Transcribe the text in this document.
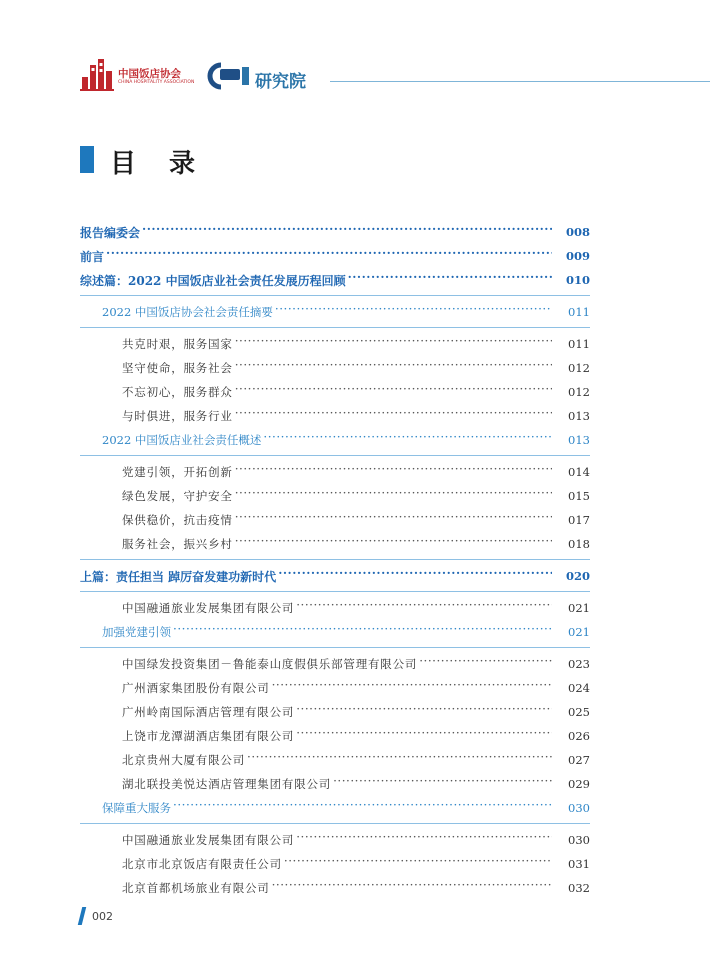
中国饭店协会
CHINA HOSPITALITY ASSOCIATION	研究院
目 录
报告编委会 ·····	008
前言 ·····	009
综述篇：2022 中国饭店业社会责任发展历程回顾 ·····	010
2022 中国饭店协会社会责任摘要 ·····	011
共克时艰，服务国家 ·····	011
坚守使命，服务社会 ·····	012
不忘初心，服务群众 ·····	012
与时俱进，服务行业 ·····	013
2022 中国饭店业社会责任概述 ·····	013
党建引领，开拓创新 ·····	014
绿色发展，守护安全 ·····	015
保供稳价，抗击疫情 ·····	017
服务社会，振兴乡村 ·····	018
上篇：责任担当 踔厉奋发建功新时代 ·····	020
中国融通旅业发展集团有限公司 ·····	021
加强党建引领 ·····	021
中国绿发投资集团－鲁能泰山度假俱乐部管理有限公司 ·····	023
广州酒家集团股份有限公司 ·····	024
广州岭南国际酒店管理有限公司 ·····	025
上饶市龙潭湖酒店集团有限公司 ·····	026
北京贵州大厦有限公司 ·····	027
湖北联投美悦达酒店管理集团有限公司 ·····	029
保障重大服务 ·····	030
中国融通旅业发展集团有限公司 ·····	030
北京市北京饭店有限责任公司 ·····	031
北京首都机场旅业有限公司 ·····	032
002
